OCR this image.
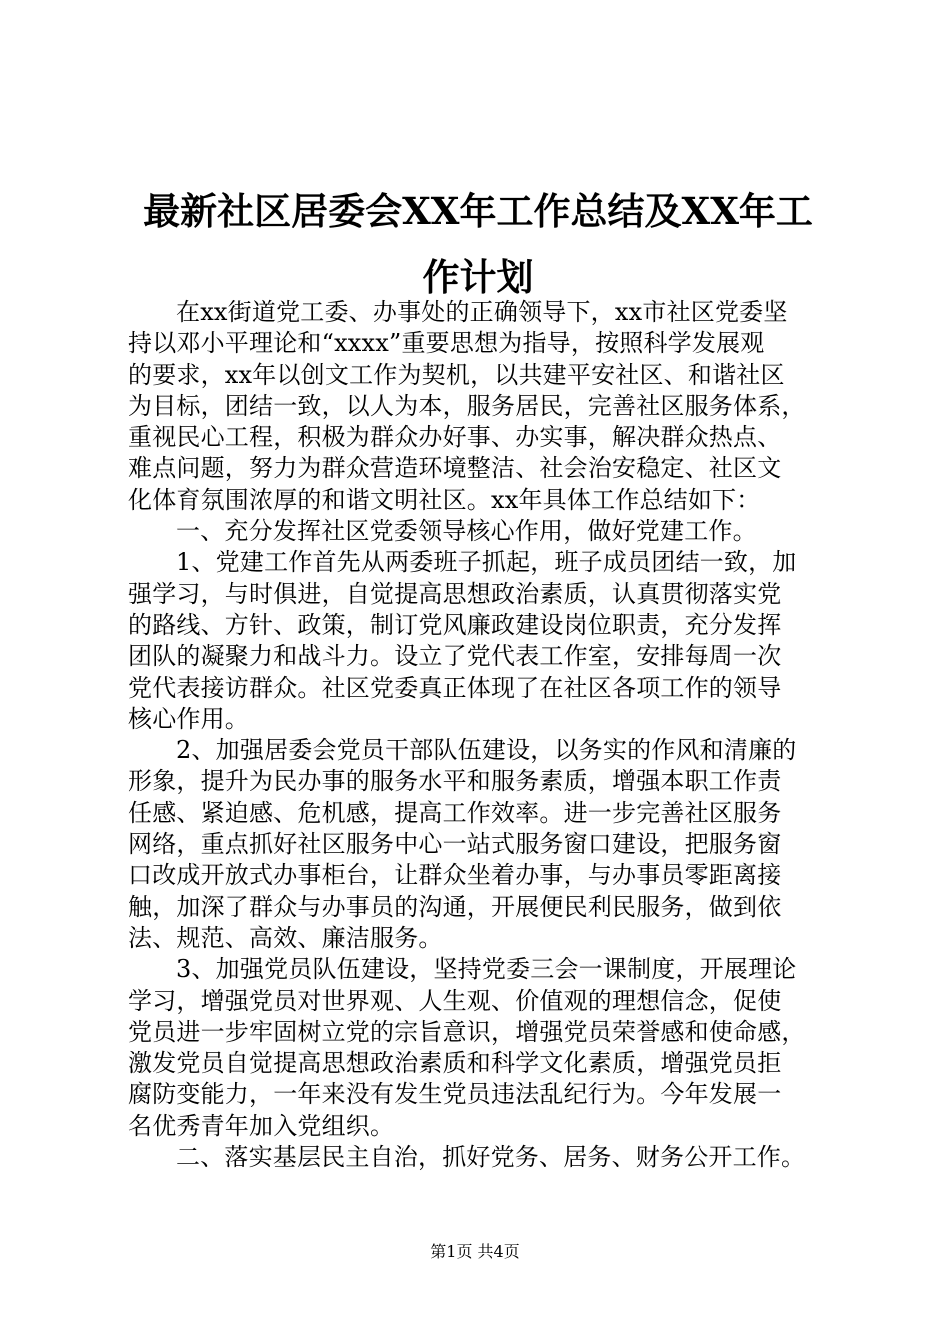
最新社区居委会XX年工作总结及XX年工作计划
在xx街道党工委、办事处的正确领导下，xx市社区党委坚
持以邓小平理论和“xxxx”重要思想为指导，按照科学发展观
的要求，xx年以创文工作为契机，以共建平安社区、和谐社区
为目标，团结一致，以人为本，服务居民，完善社区服务体系，
重视民心工程，积极为群众办好事、办实事，解决群众热点、
难点问题，努力为群众营造环境整洁、社会治安稳定、社区文
化体育氛围浓厚的和谐文明社区。xx年具体工作总结如下：
一、充分发挥社区党委领导核心作用，做好党建工作。
1、党建工作首先从两委班子抓起，班子成员团结一致，加
强学习，与时俱进，自觉提高思想政治素质，认真贯彻落实党
的路线、方针、政策，制订党风廉政建设岗位职责，充分发挥
团队的凝聚力和战斗力。设立了党代表工作室，安排每周一次
党代表接访群众。社区党委真正体现了在社区各项工作的领导
核心作用。
2、加强居委会党员干部队伍建设，以务实的作风和清廉的
形象，提升为民办事的服务水平和服务素质，增强本职工作责
任感、紧迫感、危机感，提高工作效率。进一步完善社区服务
网络，重点抓好社区服务中心一站式服务窗口建设，把服务窗
口改成开放式办事柜台，让群众坐着办事，与办事员零距离接
触，加深了群众与办事员的沟通，开展便民利民服务，做到依
法、规范、高效、廉洁服务。
3、加强党员队伍建设，坚持党委三会一课制度，开展理论
学习，增强党员对世界观、人生观、价值观的理想信念，促使
党员进一步牢固树立党的宗旨意识，增强党员荣誉感和使命感，
激发党员自觉提高思想政治素质和科学文化素质，增强党员拒
腐防变能力，一年来没有发生党员违法乱纪行为。今年发展一
名优秀青年加入党组织。
二、落实基层民主自治，抓好党务、居务、财务公开工作。
第1页 共4页
